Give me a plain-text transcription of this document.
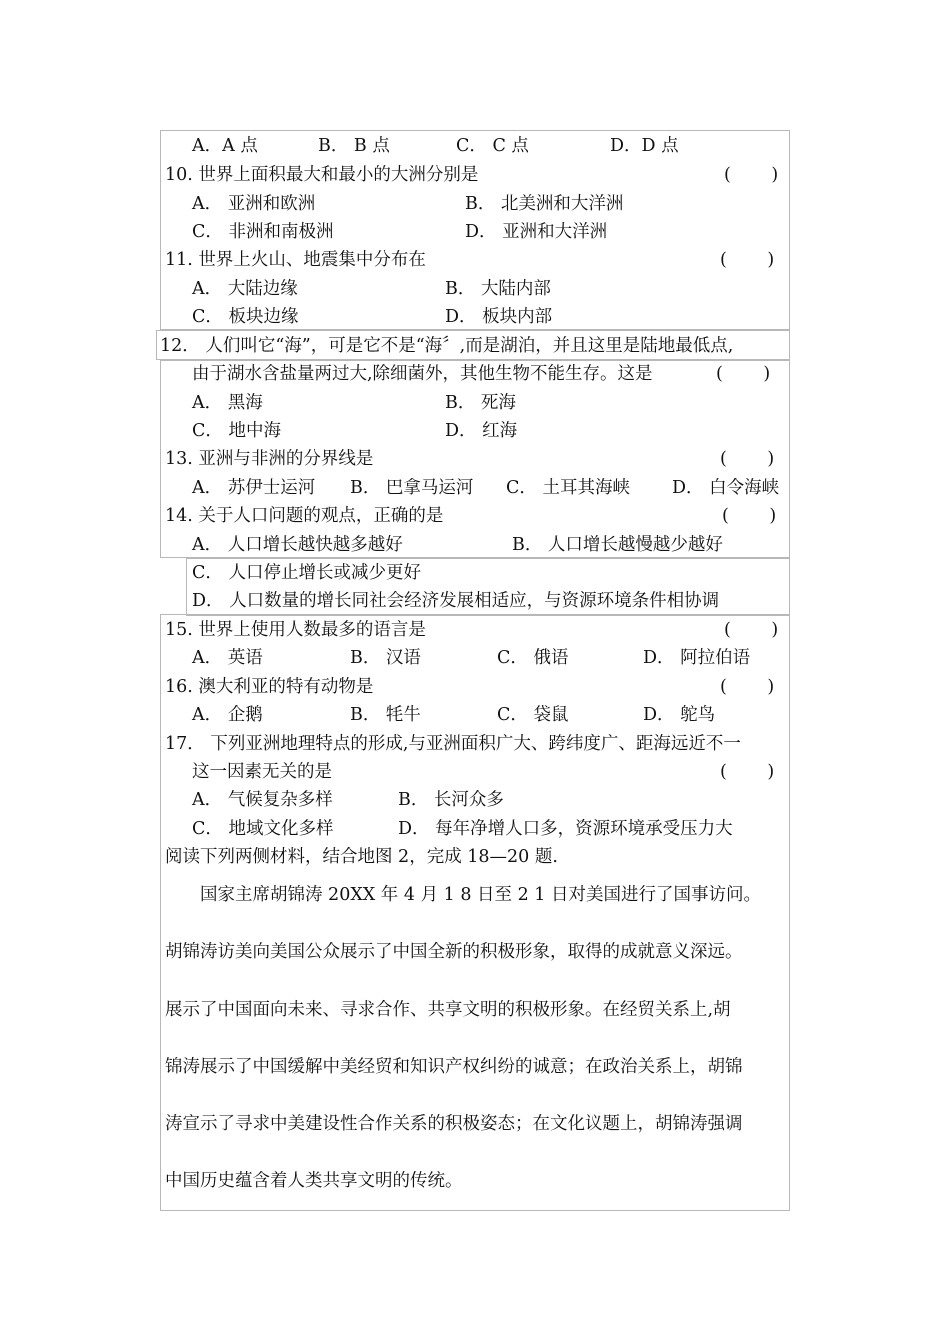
A．A 点	B． B 点	C． C 点	D．D 点
10. 世界上面积最大和最小的大洲分别是	(　　 )
A． 亚洲和欧洲	B． 北美洲和大洋洲
C． 非洲和南极洲	D． 亚洲和大洋洲
11. 世界上火山、地震集中分布在	(　　 )
A． 大陆边缘	B． 大陆内部
C． 板块边缘	D． 板块内部
12． 人们叫它“海”，可是它不是“海〞,而是湖泊，并且这里是陆地最低点,
由于湖水含盐量两过大,除细菌外，其他生物不能生存。这是	(　　 )
A． 黑海	B． 死海
C． 地中海	D． 红海
13. 亚洲与非洲的分界线是	(　　 )
A． 苏伊士运河 B． 巴拿马运河 C． 土耳其海峡 D． 白令海峡
14. 关于人口问题的观点，正确的是	(　　 )
A． 人口增长越快越多越好	B． 人口增长越慢越少越好
C． 人口停止增长或减少更好
D． 人口数量的增长同社会经济发展相适应，与资源环境条件相协调
15. 世界上使用人数最多的语言是	(　　 )
A． 英语	B． 汉语	C． 俄语	D． 阿拉伯语
16. 澳大利亚的特有动物是	(　　 )
A． 企鹅	B． 牦牛	C． 袋鼠	D． 鸵鸟
17． 下列亚洲地理特点的形成,与亚洲面积广大、跨纬度广、距海远近不一
这一因素无关的是	(　　 )
A． 气候复杂多样	B． 长河众多
C． 地域文化多样	D． 每年净增人口多，资源环境承受压力大
阅读下列两侧材料，结合地图 2，完成 18—20 题.
　　国家主席胡锦涛 20XX 年 4 月 1 8 日至 2 1 日对美国进行了国事访问。
胡锦涛访美向美国公众展示了中国全新的积极形象，取得的成就意义深远。
展示了中国面向未来、寻求合作、共享文明的积极形象。在经贸关系上,胡
锦涛展示了中国缓解中美经贸和知识产权纠纷的诚意；在政治关系上，胡锦
涛宣示了寻求中美建设性合作关系的积极姿态；在文化议题上，胡锦涛强调
中国历史蕴含着人类共享文明的传统。
